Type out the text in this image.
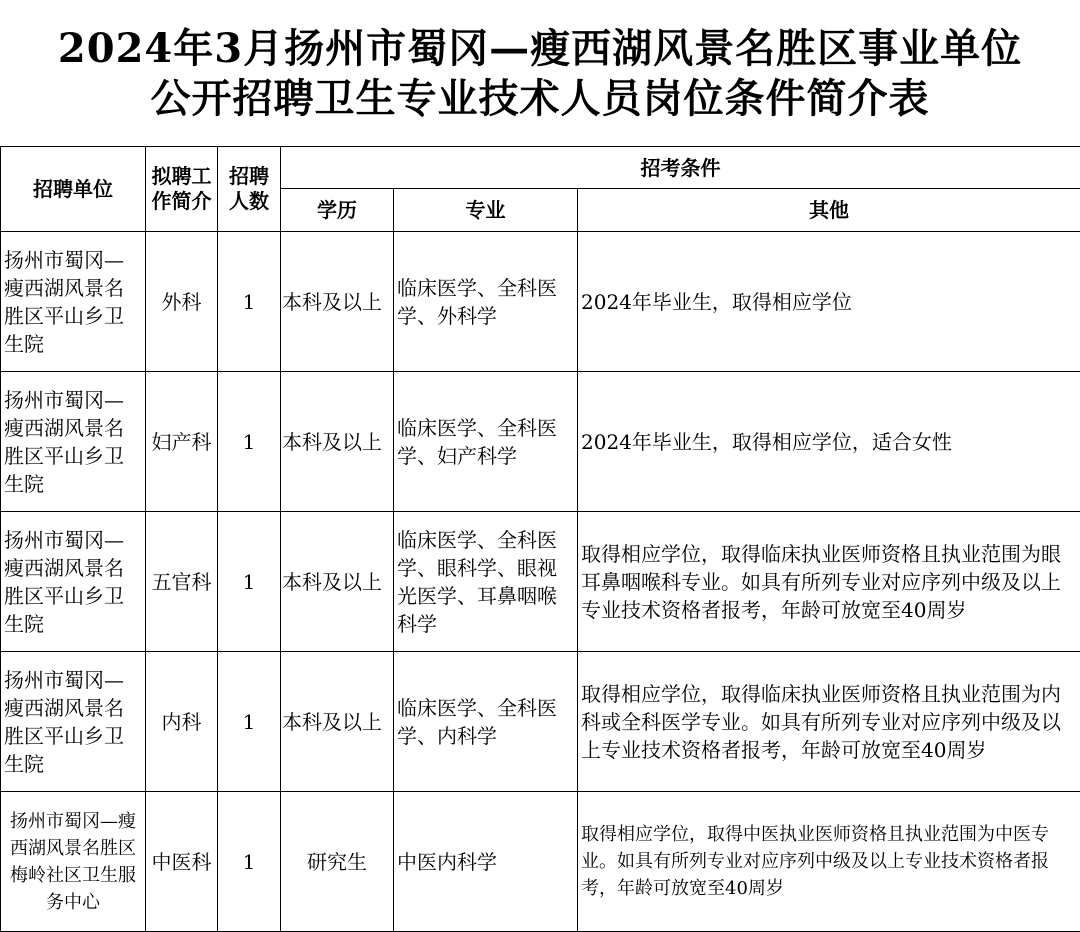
2024年3月扬州市蜀冈—瘦西湖风景名胜区事业单位
公开招聘卫生专业技术人员岗位条件简介表
招聘单位	拟聘工作简介	招聘人数	招考条件		
			学历	专业	其他
扬州市蜀冈—瘦西湖风景名胜区平山乡卫生院	外科	1	本科及以上	临床医学、全科医学、外科学	2024年毕业生，取得相应学位
扬州市蜀冈—瘦西湖风景名胜区平山乡卫生院	妇产科	1	本科及以上	临床医学、全科医学、妇产科学	2024年毕业生，取得相应学位，适合女性
扬州市蜀冈—瘦西湖风景名胜区平山乡卫生院	五官科	1	本科及以上	临床医学、全科医学、眼科学、眼视光医学、耳鼻咽喉科学	取得相应学位，取得临床执业医师资格且执业范围为眼耳鼻咽喉科专业。如具有所列专业对应序列中级及以上专业技术资格者报考，年龄可放宽至40周岁
扬州市蜀冈—瘦西湖风景名胜区平山乡卫生院	内科	1	本科及以上	临床医学、全科医学、内科学	取得相应学位，取得临床执业医师资格且执业范围为内科或全科医学专业。如具有所列专业对应序列中级及以上专业技术资格者报考，年龄可放宽至40周岁
扬州市蜀冈—瘦西湖风景名胜区梅岭社区卫生服务中心	中医科	1	研究生	中医内科学	取得相应学位，取得中医执业医师资格且执业范围为中医专业。如具有所列专业对应序列中级及以上专业技术资格者报考，年龄可放宽至40周岁
